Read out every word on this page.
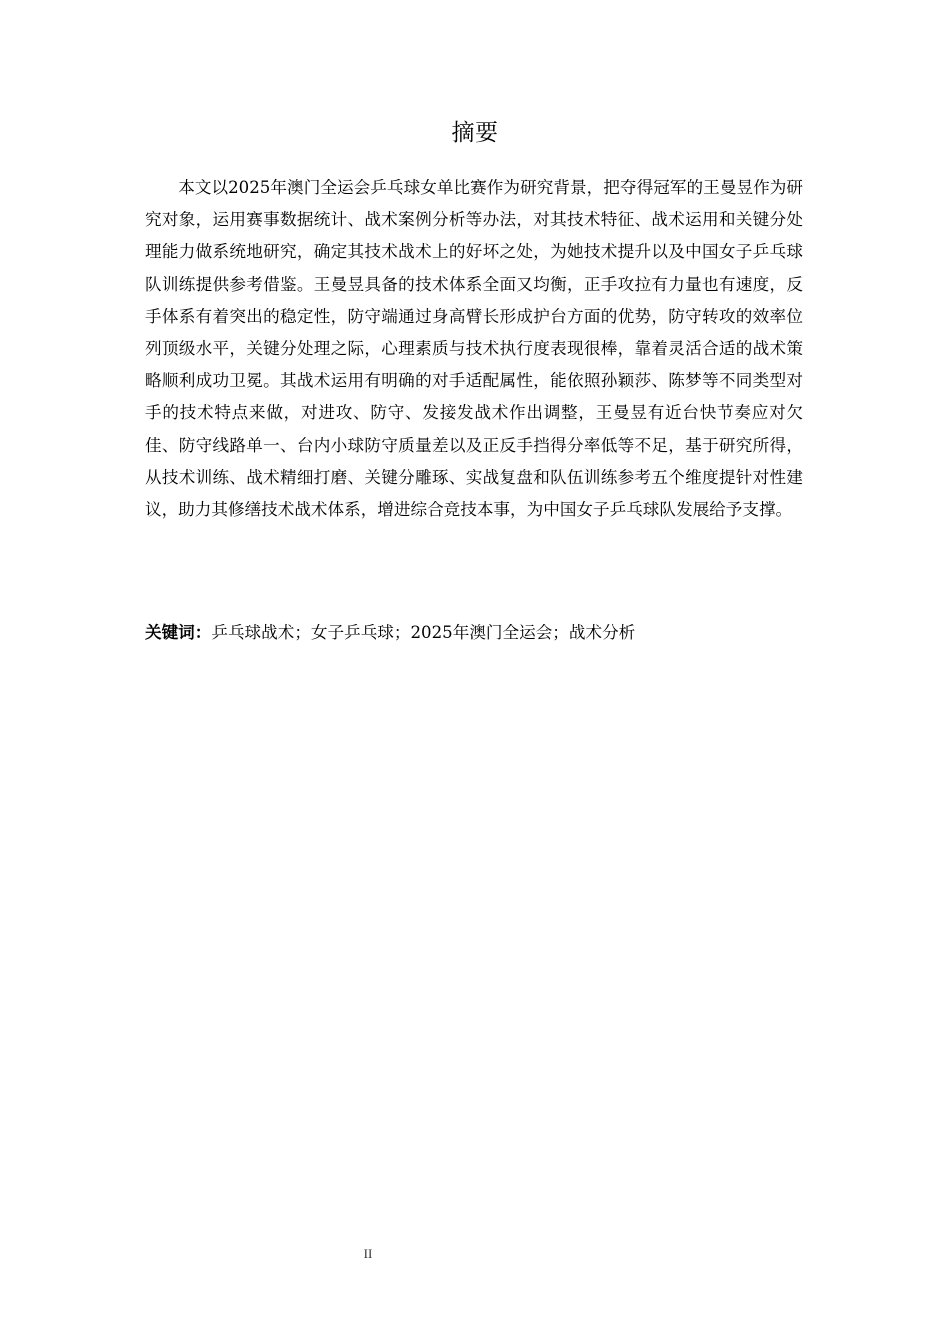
摘要

本文以2025年澳门全运会乒乓球女单比赛作为研究背景，把夺得冠军的王曼昱作为研究对象，运用赛事数据统计、战术案例分析等办法，对其技术特征、战术运用和关键分处理能力做系统地研究，确定其技术战术上的好坏之处，为她技术提升以及中国女子乒乓球队训练提供参考借鉴。王曼昱具备的技术体系全面又均衡，正手攻拉有力量也有速度，反手体系有着突出的稳定性，防守端通过身高臂长形成护台方面的优势，防守转攻的效率位列顶级水平，关键分处理之际，心理素质与技术执行度表现很棒，靠着灵活合适的战术策略顺利成功卫冕。其战术运用有明确的对手适配属性，能依照孙颖莎、陈梦等不同类型对手的技术特点来做，对进攻、防守、发接发战术作出调整，王曼昱有近台快节奏应对欠佳、防守线路单一、台内小球防守质量差以及正反手挡得分率低等不足，基于研究所得，从技术训练、战术精细打磨、关键分雕琢、实战复盘和队伍训练参考五个维度提针对性建议，助力其修缮技术战术体系，增进综合竞技本事，为中国女子乒乓球队发展给予支撑。

关键词：乒乓球战术；女子乒乓球；2025年澳门全运会；战术分析

II
